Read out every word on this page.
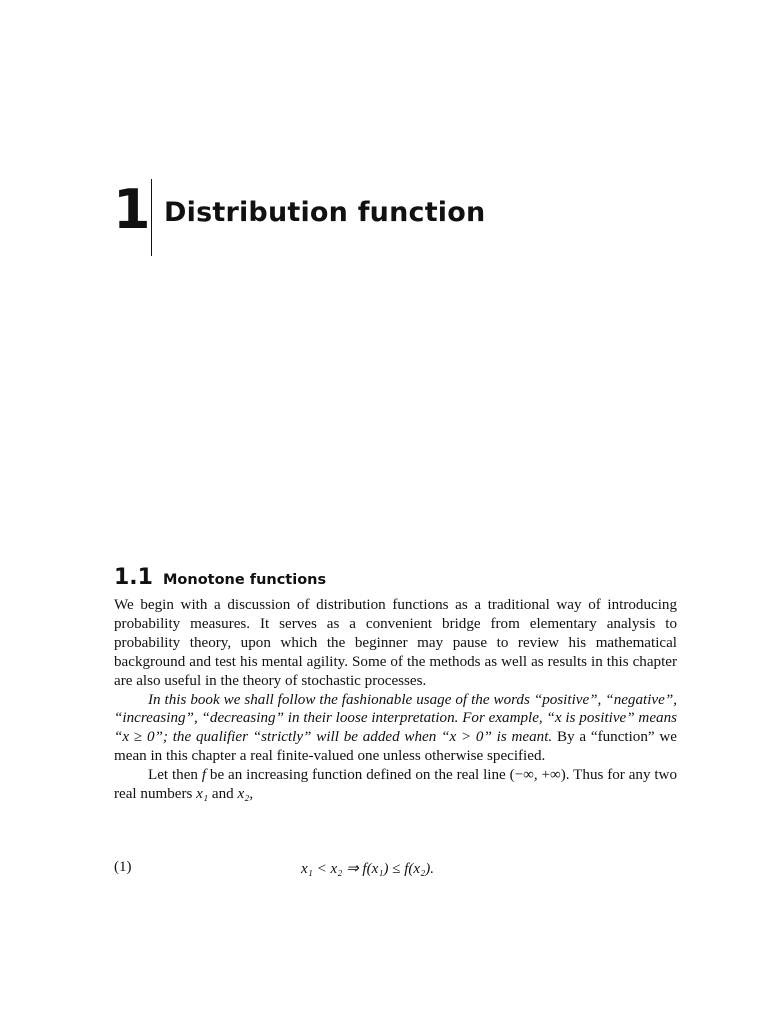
1 Distribution function
1.1 Monotone functions

We begin with a discussion of distribution functions as a traditional way of introducing probability measures. It serves as a convenient bridge from elementary analysis to probability theory, upon which the beginner may pause to review his mathematical background and test his mental agility. Some of the methods as well as results in this chapter are also useful in the theory of stochastic processes.

In this book we shall follow the fashionable usage of the words “positive”, “negative”, “increasing”, “decreasing” in their loose interpretation. For example, “x is positive” means “x ≥ 0”; the qualifier “strictly” will be added when “x > 0” is meant. By a “function” we mean in this chapter a real finite-valued one unless otherwise specified.

Let then f be an increasing function defined on the real line (−∞, +∞). Thus for any two real numbers x₁ and x₂,

(1)	x₁ < x₂ ⇒ f(x₁) ≤ f(x₂).
